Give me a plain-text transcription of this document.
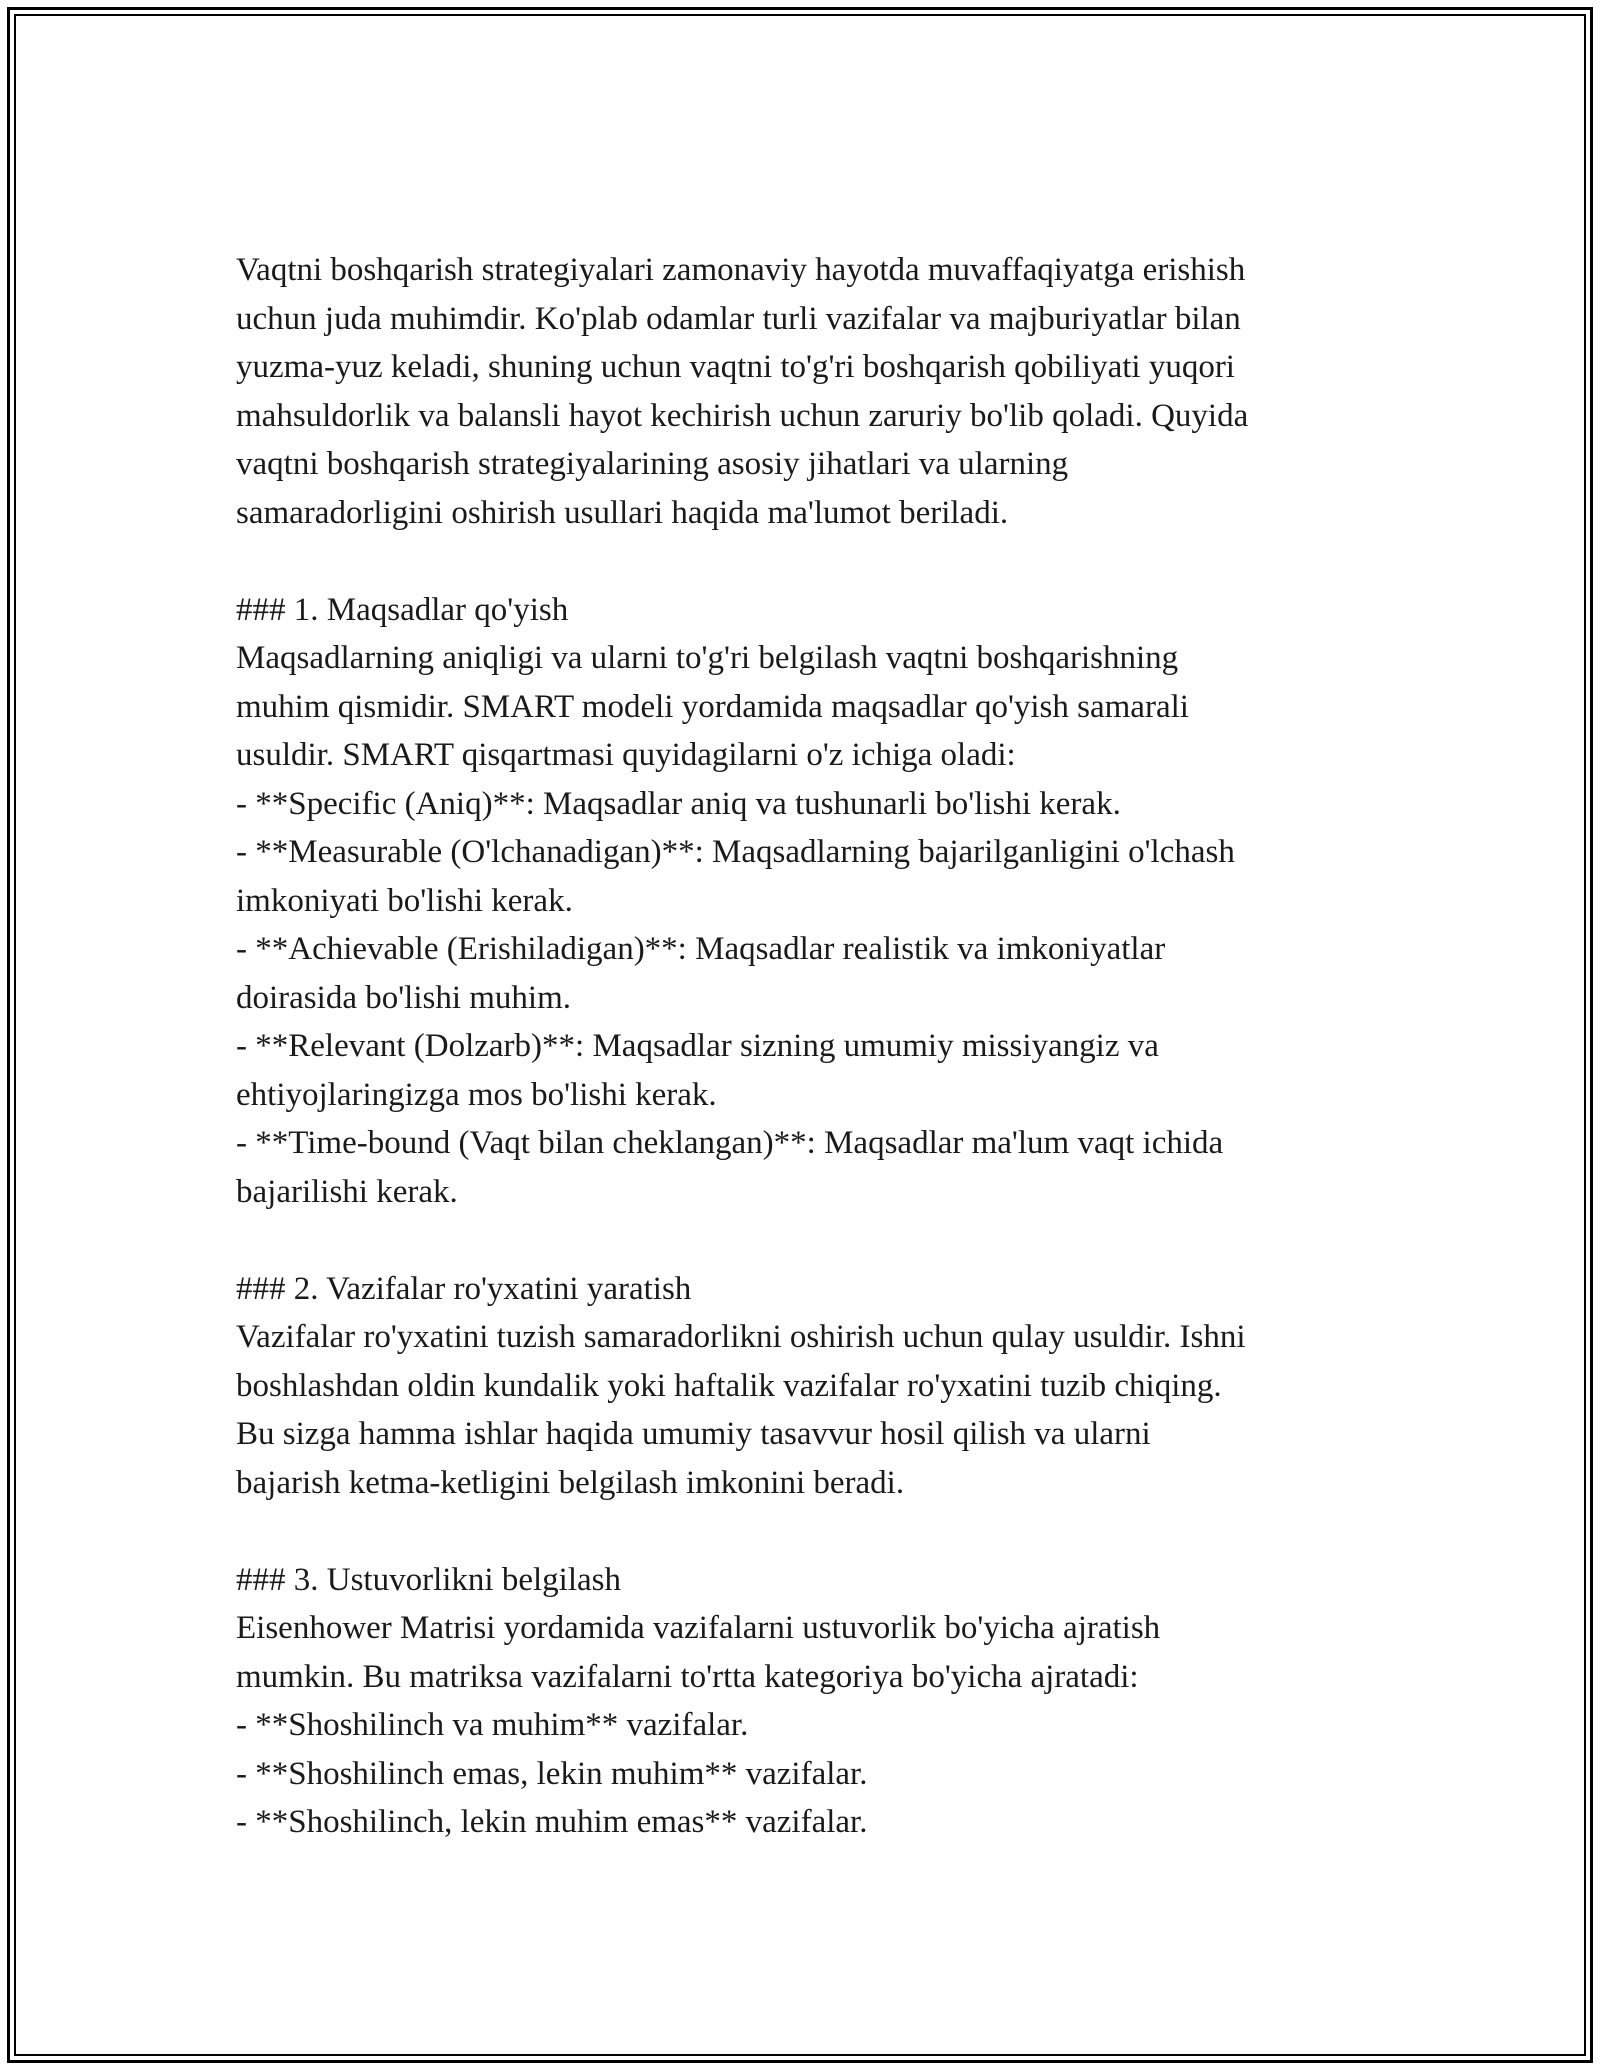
Vaqtni boshqarish strategiyalari zamonaviy hayotda muvaffaqiyatga erishish
uchun juda muhimdir. Ko'plab odamlar turli vazifalar va majburiyatlar bilan
yuzma-yuz keladi, shuning uchun vaqtni to'g'ri boshqarish qobiliyati yuqori
mahsuldorlik va balansli hayot kechirish uchun zaruriy bo'lib qoladi. Quyida
vaqtni boshqarish strategiyalarining asosiy jihatlari va ularning
samaradorligini oshirish usullari haqida ma'lumot beriladi.
### 1. Maqsadlar qo'yish
Maqsadlarning aniqligi va ularni to'g'ri belgilash vaqtni boshqarishning
muhim qismidir. SMART modeli yordamida maqsadlar qo'yish samarali
usuldir. SMART qisqartmasi quyidagilarni o'z ichiga oladi:
- **Specific (Aniq)**: Maqsadlar aniq va tushunarli bo'lishi kerak.
- **Measurable (O'lchanadigan)**: Maqsadlarning bajarilganligini o'lchash
imkoniyati bo'lishi kerak.
- **Achievable (Erishiladigan)**: Maqsadlar realistik va imkoniyatlar
doirasida bo'lishi muhim.
- **Relevant (Dolzarb)**: Maqsadlar sizning umumiy missiyangiz va
ehtiyojlaringizga mos bo'lishi kerak.
- **Time-bound (Vaqt bilan cheklangan)**: Maqsadlar ma'lum vaqt ichida
bajarilishi kerak.
### 2. Vazifalar ro'yxatini yaratish
Vazifalar ro'yxatini tuzish samaradorlikni oshirish uchun qulay usuldir. Ishni
boshlashdan oldin kundalik yoki haftalik vazifalar ro'yxatini tuzib chiqing.
Bu sizga hamma ishlar haqida umumiy tasavvur hosil qilish va ularni
bajarish ketma-ketligini belgilash imkonini beradi.
### 3. Ustuvorlikni belgilash
Eisenhower Matrisi yordamida vazifalarni ustuvorlik bo'yicha ajratish
mumkin. Bu matriksa vazifalarni to'rtta kategoriya bo'yicha ajratadi:
- **Shoshilinch va muhim** vazifalar.
- **Shoshilinch emas, lekin muhim** vazifalar.
- **Shoshilinch, lekin muhim emas** vazifalar.
